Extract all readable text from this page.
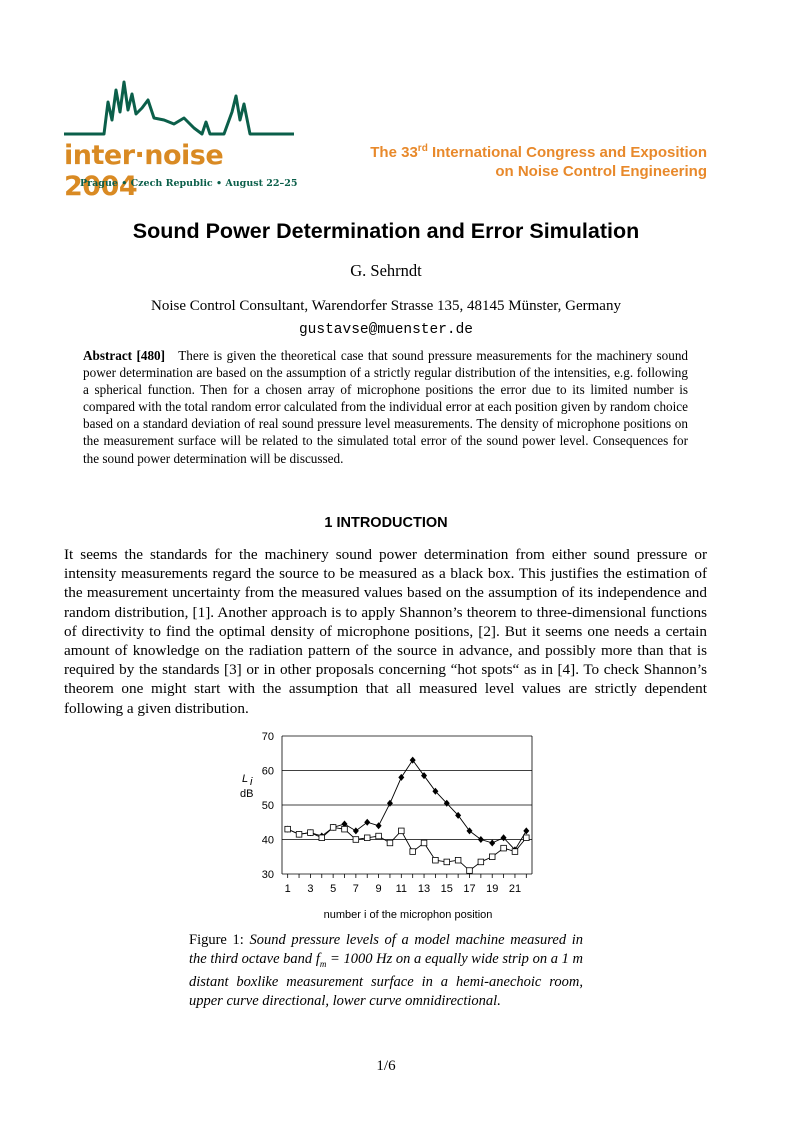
inter·noise 2004
Prague • Czech Republic • August 22–25
The 33rd International Congress and Exposition
on Noise Control Engineering
Sound Power Determination and Error Simulation
G. Sehrndt
Noise Control Consultant, Warendorfer Strasse 135, 48145 Münster, Germany
gustavse@muenster.de
Abstract [480] There is given the theoretical case that sound pressure measurements for the machinery sound power determination are based on the assumption of a strictly regular distribution of the intensities, e.g. following a spherical function. Then for a chosen array of microphone positions the error due to its limited number is compared with the total random error calculated from the individual error at each position given by random choice based on a standard deviation of real sound pressure level measurements. The density of microphone positions on the measurement surface will be related to the simulated total error of the sound power level. Consequences for the sound power determination will be discussed.
1 INTRODUCTION
It seems the standards for the machinery sound power determination from either sound pressure or intensity measurements regard the source to be measured as a black box. This justifies the estimation of the measurement uncertainty from the measured values based on the assumption of its independence and random distribution, [1]. Another approach is to apply Shannon’s theorem to three-dimensional functions of directivity to find the optimal density of microphone positions, [2]. But it seems one needs a certain amount of knowledge on the radiation pattern of the source in advance, and possibly more than that is required by the standards [3] or in other proposals concerning “hot spots“ as in [4]. To check Shannon’s theorem one might start with the assumption that all measured level values are strictly dependent following a given distribution.
30
40
50
60
70
1 3 5 7 9 11 13 15 17 19 21
L i
dB
number i of the microphon position
Figure 1: Sound pressure levels of a model machine measured in the third octave band $f_m = 1000$ Hz on a equally wide strip on a 1 m distant boxlike measurement surface in a hemi-anechoic room, upper curve directional, lower curve omnidirectional.
1/6
